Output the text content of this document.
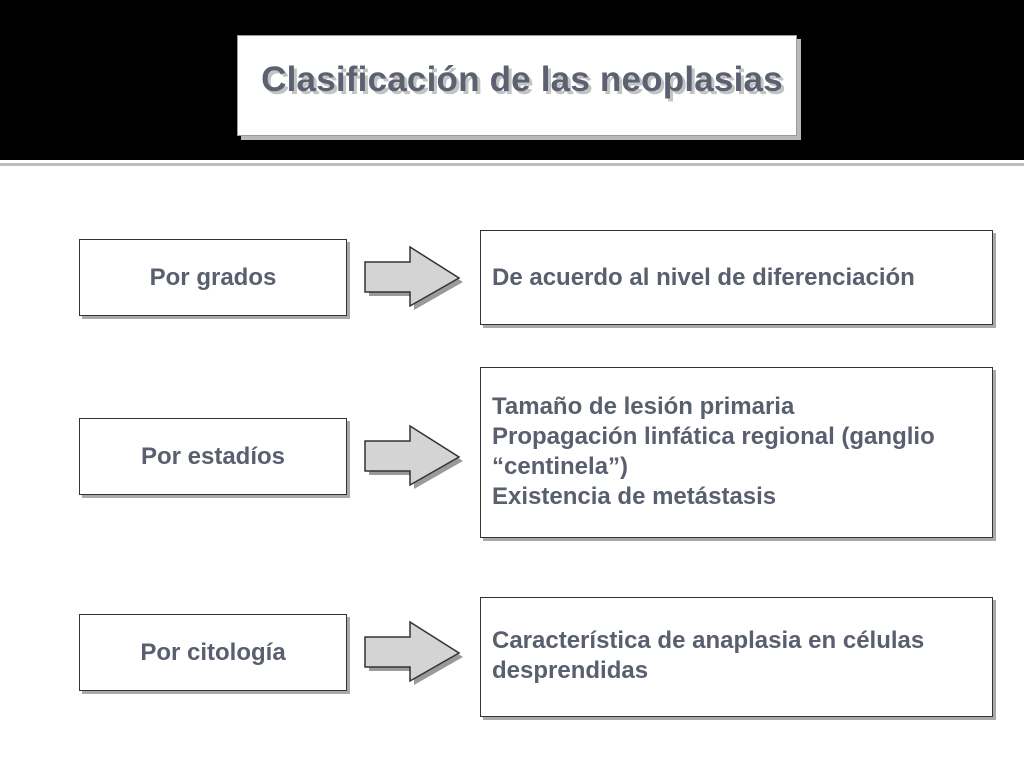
Clasificación de las neoplasias
Por grados	De acuerdo al nivel de diferenciación
Por estadíos
Tamaño de lesión primaria
Propagación linfática regional (ganglio
“centinela”)
Existencia de metástasis
Por citología	Característica de anaplasia en células
desprendidas
